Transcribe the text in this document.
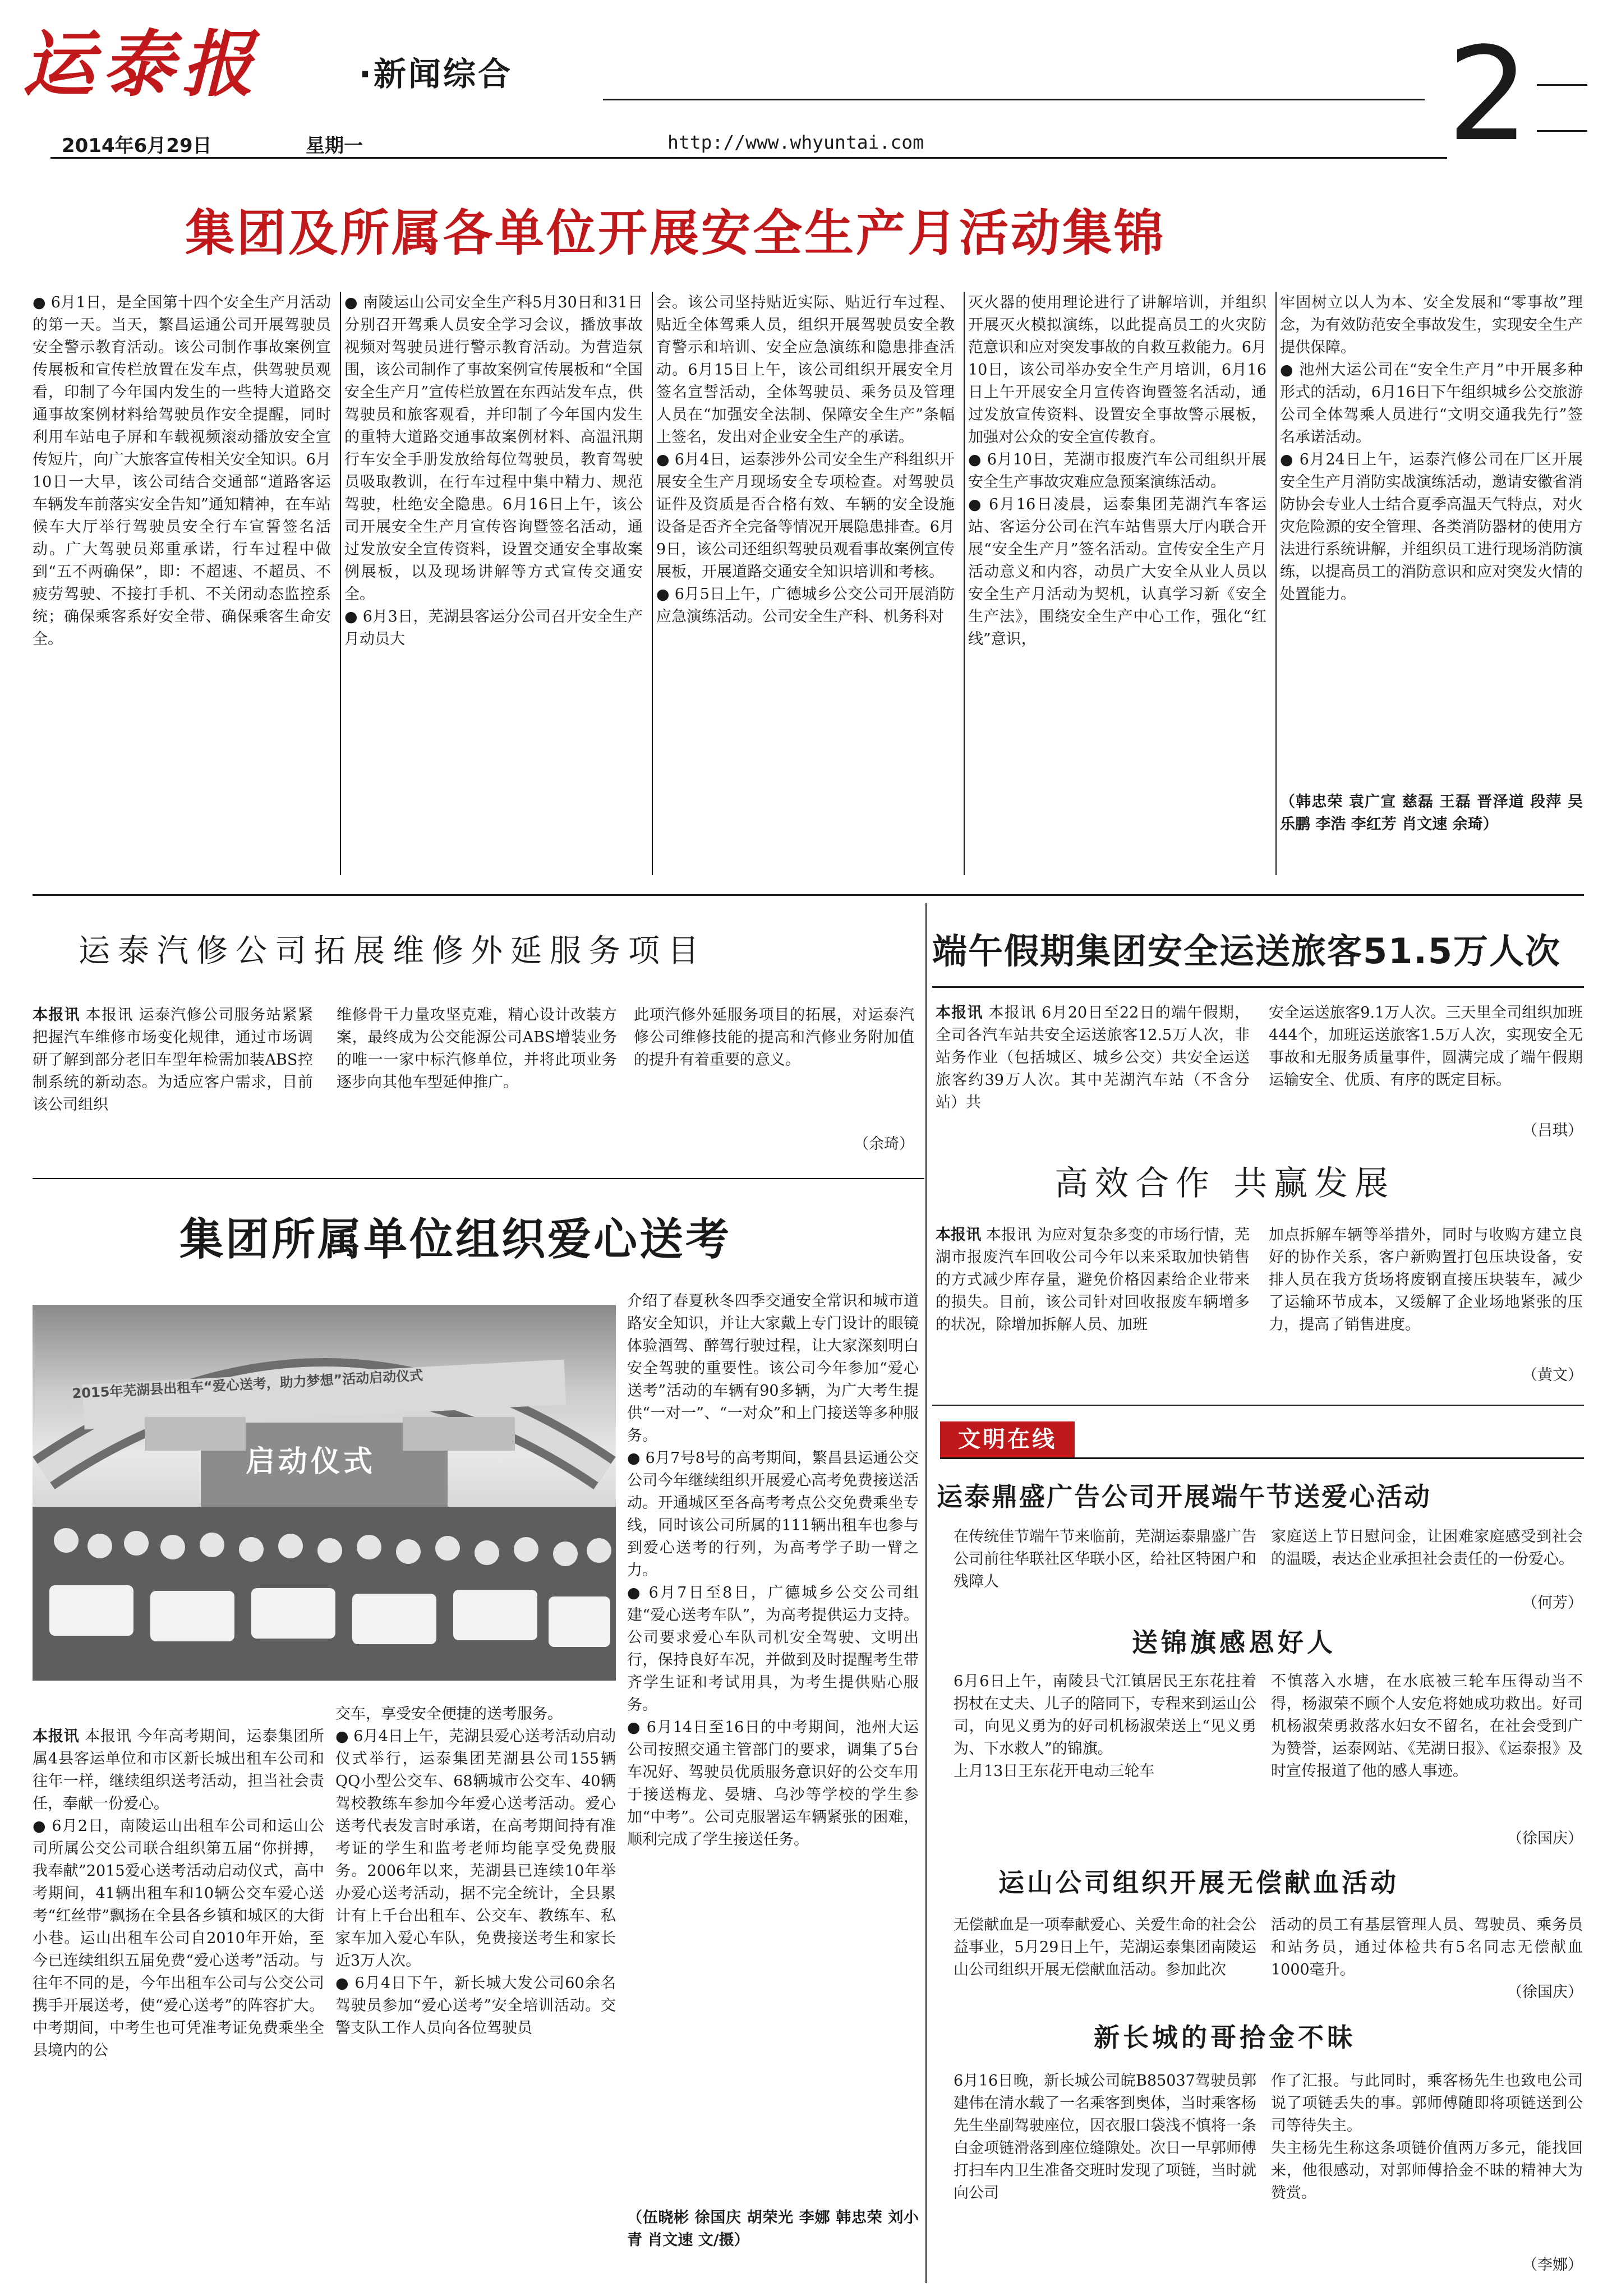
运泰报	·新闻综合
2014年6月29日	星期一	http://www.whyuntai.com	2
集团及所属各单位开展安全生产月活动集锦
● 6月1日，是全国第十四个安全生产月活动的第一天。当天，繁昌运通公司开展驾驶员安全警示教育活动。该公司制作事故案例宣传展板和宣传栏放置在发车点，供驾驶员观看，印制了今年国内发生的一些特大道路交通事故案例材料给驾驶员作安全提醒，同时利用车站电子屏和车载视频滚动播放安全宣传短片，向广大旅客宣传相关安全知识。6月10日一大早，该公司结合交通部“道路客运车辆发车前落实安全告知”通知精神，在车站候车大厅举行驾驶员安全行车宣誓签名活动。广大驾驶员郑重承诺，行车过程中做到“五不两确保”，即：不超速、不超员、不疲劳驾驶、不接打手机、不关闭动态监控系统；确保乘客系好安全带、确保乘客生命安全。
● 南陵运山公司安全生产科5月30日和31日分别召开驾乘人员安全学习会议，播放事故视频对驾驶员进行警示教育活动。为营造氛围，该公司制作了事故案例宣传展板和“全国安全生产月”宣传栏放置在东西站发车点，供驾驶员和旅客观看，并印制了今年国内发生的重特大道路交通事故案例材料、高温汛期行车安全手册发放给每位驾驶员，教育驾驶员吸取教训，在行车过程中集中精力、规范驾驶，杜绝安全隐患。6月16日上午，该公司开展安全生产月宣传咨询暨签名活动，通过发放安全宣传资料，设置交通安全事故案例展板，以及现场讲解等方式宣传交通安全。
● 6月3日，芜湖县客运分公司召开安全生产月动员大
会。该公司坚持贴近实际、贴近行车过程、贴近全体驾乘人员，组织开展驾驶员安全教育警示和培训、安全应急演练和隐患排查活动。6月15日上午，该公司组织开展安全月签名宣誓活动，全体驾驶员、乘务员及管理人员在“加强安全法制、保障安全生产”条幅上签名，发出对企业安全生产的承诺。
● 6月4日，运泰涉外公司安全生产科组织开展安全生产月现场安全专项检查。对驾驶员证件及资质是否合格有效、车辆的安全设施设备是否齐全完备等情况开展隐患排查。6月9日，该公司还组织驾驶员观看事故案例宣传展板，开展道路交通安全知识培训和考核。
● 6月5日上午，广德城乡公交公司开展消防应急演练活动。公司安全生产科、机务科对
灭火器的使用理论进行了讲解培训，并组织开展灭火模拟演练，以此提高员工的火灾防范意识和应对突发事故的自救互救能力。6月10日，该公司举办安全生产月培训，6月16日上午开展安全月宣传咨询暨签名活动，通过发放宣传资料、设置安全事故警示展板，加强对公众的安全宣传教育。
● 6月10日，芜湖市报废汽车公司组织开展安全生产事故灾难应急预案演练活动。
● 6月16日凌晨，运泰集团芜湖汽车客运站、客运分公司在汽车站售票大厅内联合开展“安全生产月”签名活动。宣传安全生产月活动意义和内容，动员广大安全从业人员以安全生产月活动为契机，认真学习新《安全生产法》，围绕安全生产中心工作，强化“红线”意识，
牢固树立以人为本、安全发展和“零事故”理念，为有效防范安全事故发生，实现安全生产提供保障。
● 池州大运公司在“安全生产月”中开展多种形式的活动，6月16日下午组织城乡公交旅游公司全体驾乘人员进行“文明交通我先行”签名承诺活动。
● 6月24日上午，运泰汽修公司在厂区开展安全生产月消防实战演练活动，邀请安徽省消防协会专业人士结合夏季高温天气特点，对火灾危险源的安全管理、各类消防器材的使用方法进行系统讲解，并组织员工进行现场消防演练，以提高员工的消防意识和应对突发火情的处置能力。
（韩忠荣 袁广宣 慈磊 王磊 晋泽道 段萍 吴乐鹏 李浩 李红芳 肖文速 余琦）
运泰汽修公司拓展维修外延服务项目
本报讯 本报讯 运泰汽修公司服务站紧紧把握汽车维修市场变化规律，通过市场调研了解到部分老旧车型年检需加装ABS控制系统的新动态。为适应客户需求，目前该公司组织
维修骨干力量攻坚克难，精心设计改装方案，最终成为公交能源公司ABS增装业务的唯一一家中标汽修单位，并将此项业务逐步向其他车型延伸推广。
此项汽修外延服务项目的拓展，对运泰汽修公司维修技能的提高和汽修业务附加值的提升有着重要的意义。
（余琦）
端午假期集团安全运送旅客51.5万人次
本报讯 本报讯 6月20日至22日的端午假期，全司各汽车站共安全运送旅客12.5万人次，非站务作业（包括城区、城乡公交）共安全运送旅客约39万人次。其中芜湖汽车站（不含分站）共
安全运送旅客9.1万人次。三天里全司组织加班444个，加班运送旅客1.5万人次，实现安全无事故和无服务质量事件，圆满完成了端午假期运输安全、优质、有序的既定目标。
（吕琪）
高效合作 共赢发展
本报讯 本报讯 为应对复杂多变的市场行情，芜湖市报废汽车回收公司今年以来采取加快销售的方式减少库存量，避免价格因素给企业带来的损失。目前，该公司针对回收报废车辆增多的状况，除增加拆解人员、加班
加点拆解车辆等举措外，同时与收购方建立良好的协作关系，客户新购置打包压块设备，安排人员在我方货场将废钢直接压块装车，减少了运输环节成本，又缓解了企业场地紧张的压力，提高了销售进度。
（黄文）
文明在线
运泰鼎盛广告公司开展端午节送爱心活动
在传统佳节端午节来临前，芜湖运泰鼎盛广告公司前往华联社区华联小区，给社区特困户和残障人
家庭送上节日慰问金，让困难家庭感受到社会的温暖，表达企业承担社会责任的一份爱心。
（何芳）
送锦旗感恩好人
6月6日上午，南陵县弋江镇居民王东花拄着拐杖在丈夫、儿子的陪同下，专程来到运山公司，向见义勇为的好司机杨淑荣送上“见义勇为、下水救人”的锦旗。
上月13日王东花开电动三轮车
不慎落入水塘，在水底被三轮车压得动当不得，杨淑荣不顾个人安危将她成功救出。好司机杨淑荣勇救落水妇女不留名，在社会受到广为赞誉，运泰网站、《芜湖日报》、《运泰报》及时宣传报道了他的感人事迹。
（徐国庆）
运山公司组织开展无偿献血活动
无偿献血是一项奉献爱心、关爱生命的社会公益事业，5月29日上午，芜湖运泰集团南陵运山公司组织开展无偿献血活动。参加此次
活动的员工有基层管理人员、驾驶员、乘务员和站务员，通过体检共有5名同志无偿献血1000毫升。
（徐国庆）
新长城的哥拾金不昧
6月16日晚，新长城公司皖B85037驾驶员郭建伟在清水载了一名乘客到奥体，当时乘客杨先生坐副驾驶座位，因衣服口袋浅不慎将一条白金项链滑落到座位缝隙处。次日一早郭师傅打扫车内卫生准备交班时发现了项链，当时就向公司
作了汇报。与此同时，乘客杨先生也致电公司说了项链丢失的事。郭师傅随即将项链送到公司等待失主。
失主杨先生称这条项链价值两万多元，能找回来，他很感动，对郭师傅拾金不昧的精神大为赞赏。
（李娜）
集团所属单位组织爱心送考
2015年芜湖县出租车“爱心送考，助力梦想”活动启动仪式
启动仪式

本报讯 本报讯 今年高考期间，运泰集团所属4县客运单位和市区新长城出租车公司和往年一样，继续组织送考活动，担当社会责任，奉献一份爱心。
● 6月2日，南陵运山出租车公司和运山公司所属公交公司联合组织第五届“你拼搏，我奉献”2015爱心送考活动启动仪式，高中考期间，41辆出租车和10辆公交车爱心送考“红丝带”飘扬在全县各乡镇和城区的大街小巷。运山出租车公司自2010年开始，至今已连续组织五届免费“爱心送考”活动。与往年不同的是，今年出租车公司与公交公司携手开展送考，使“爱心送考”的阵容扩大。中考期间，中考生也可凭准考证免费乘坐全县境内的公

交车，享受安全便捷的送考服务。
● 6月4日上午，芜湖县爱心送考活动启动仪式举行，运泰集团芜湖县公司155辆QQ小型公交车、68辆城市公交车、40辆驾校教练车参加今年爱心送考活动。爱心送考代表发言时承诺，在高考期间持有准考证的学生和监考老师均能享受免费服务。2006年以来，芜湖县已连续10年举办爱心送考活动，据不完全统计，全县累计有上千台出租车、公交车、教练车、私家车加入爱心车队，免费接送考生和家长近3万人次。
● 6月4日下午，新长城大发公司60余名驾驶员参加“爱心送考”安全培训活动。交警支队工作人员向各位驾驶员
介绍了春夏秋冬四季交通安全常识和城市道路安全知识，并让大家戴上专门设计的眼镜体验酒驾、醉驾行驶过程，让大家深刻明白安全驾驶的重要性。该公司今年参加“爱心送考”活动的车辆有90多辆，为广大考生提供“一对一”、“一对众”和上门接送等多种服务。
● 6月7号8号的高考期间，繁昌县运通公交公司今年继续组织开展爱心高考免费接送活动。开通城区至各高考考点公交免费乘坐专线，同时该公司所属的111辆出租车也参与到爱心送考的行列，为高考学子助一臂之力。
● 6月7日至8日，广德城乡公交公司组建“爱心送考车队”，为高考提供运力支持。公司要求爱心车队司机安全驾驶、文明出行，保持良好车况，并做到及时提醒考生带齐学生证和考试用具，为考生提供贴心服务。
● 6月14日至16日的中考期间，池州大运公司按照交通主管部门的要求，调集了5台车况好、驾驶员优质服务意识好的公交车用于接送梅龙、晏塘、乌沙等学校的学生参加“中考”。公司克服署运车辆紧张的困难，顺利完成了学生接送任务。
（伍晓彬 徐国庆 胡荣光 李娜 韩忠荣 刘小青 肖文速 文/摄）
